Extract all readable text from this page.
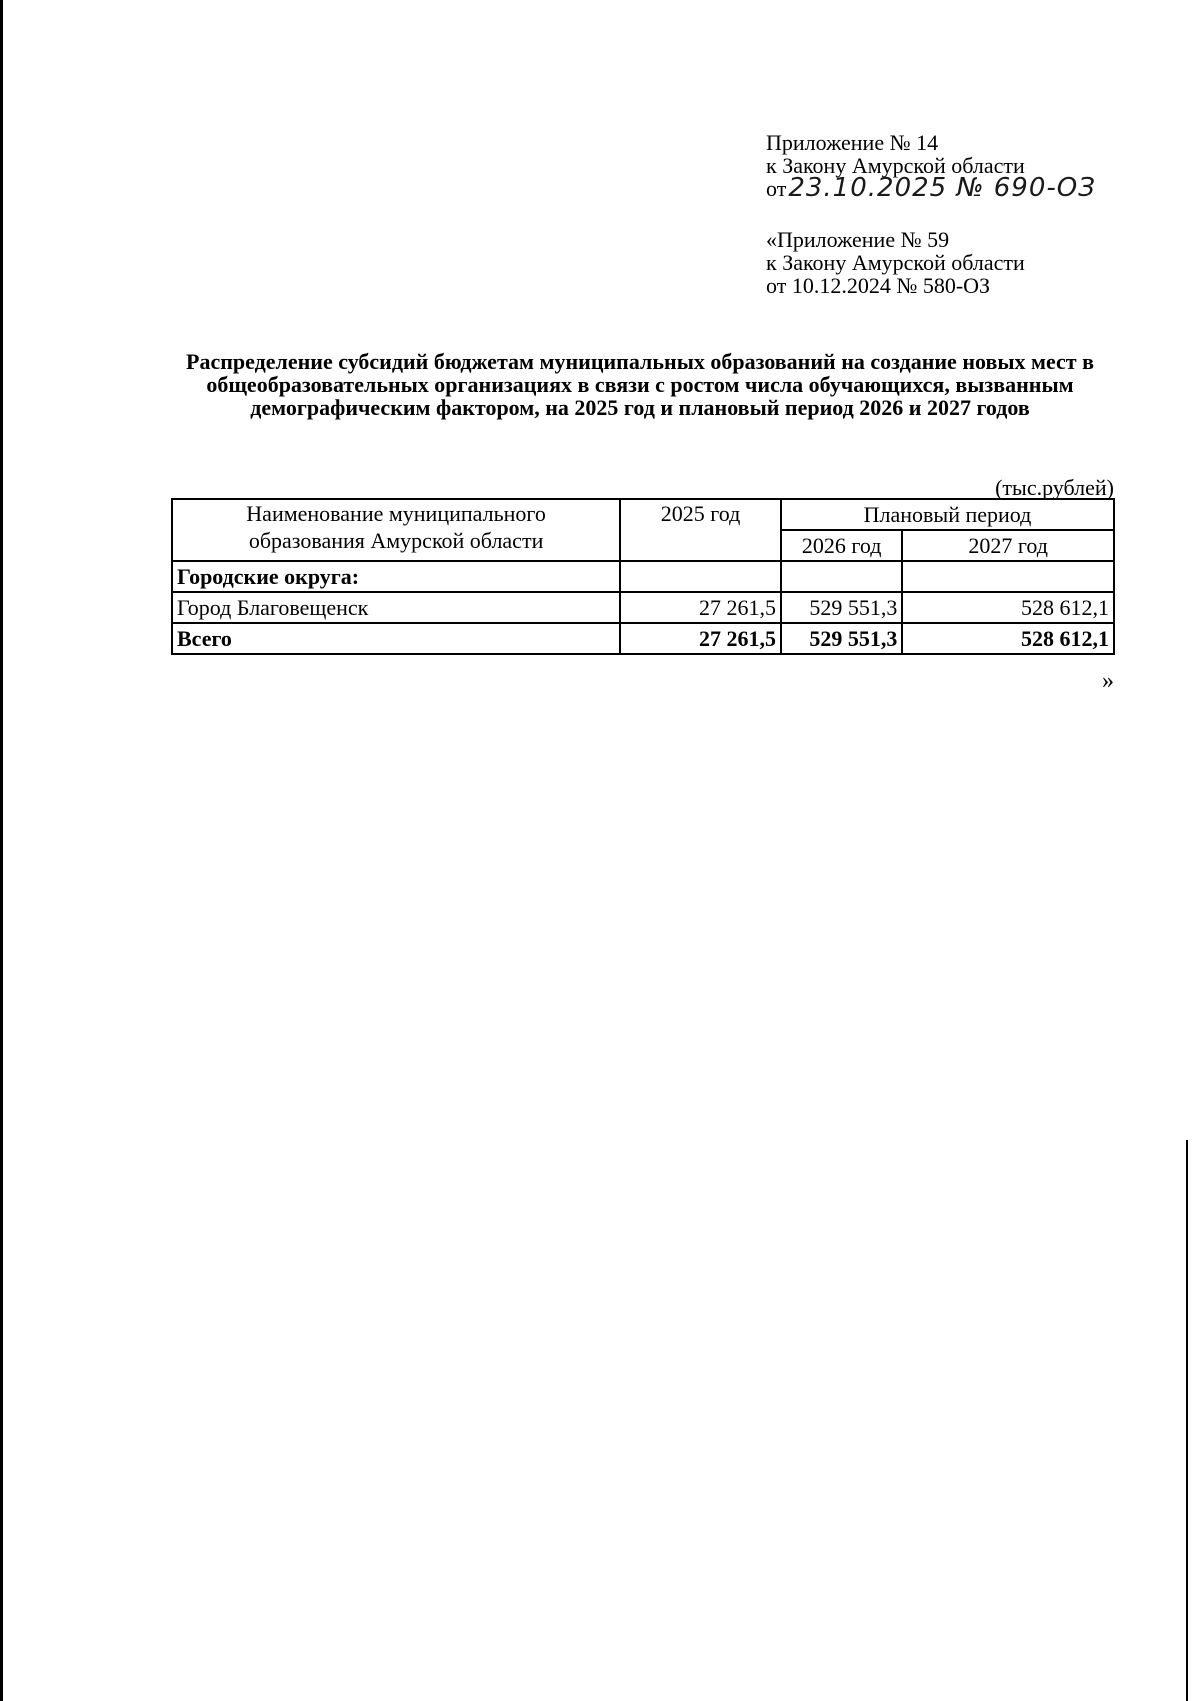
Приложение № 14
к Закону Амурской области
от23.10.2025 № 690-ОЗ
«Приложение № 59
к Закону Амурской области
от 10.12.2024 № 580-ОЗ
Распределение субсидий бюджетам муниципальных образований на создание новых мест в общеобразовательных организациях в связи с ростом числа обучающихся, вызванным демографическим фактором, на 2025 год и плановый период 2026 и 2027 годов
(тыс.рублей)
Наименование муниципального
образования Амурской области	2025 год	Плановый период	
		2026 год	2027 год
Городские округа:			
Город Благовещенск	27 261,5	529 551,3	528 612,1
Всего	27 261,5	529 551,3	528 612,1
»
